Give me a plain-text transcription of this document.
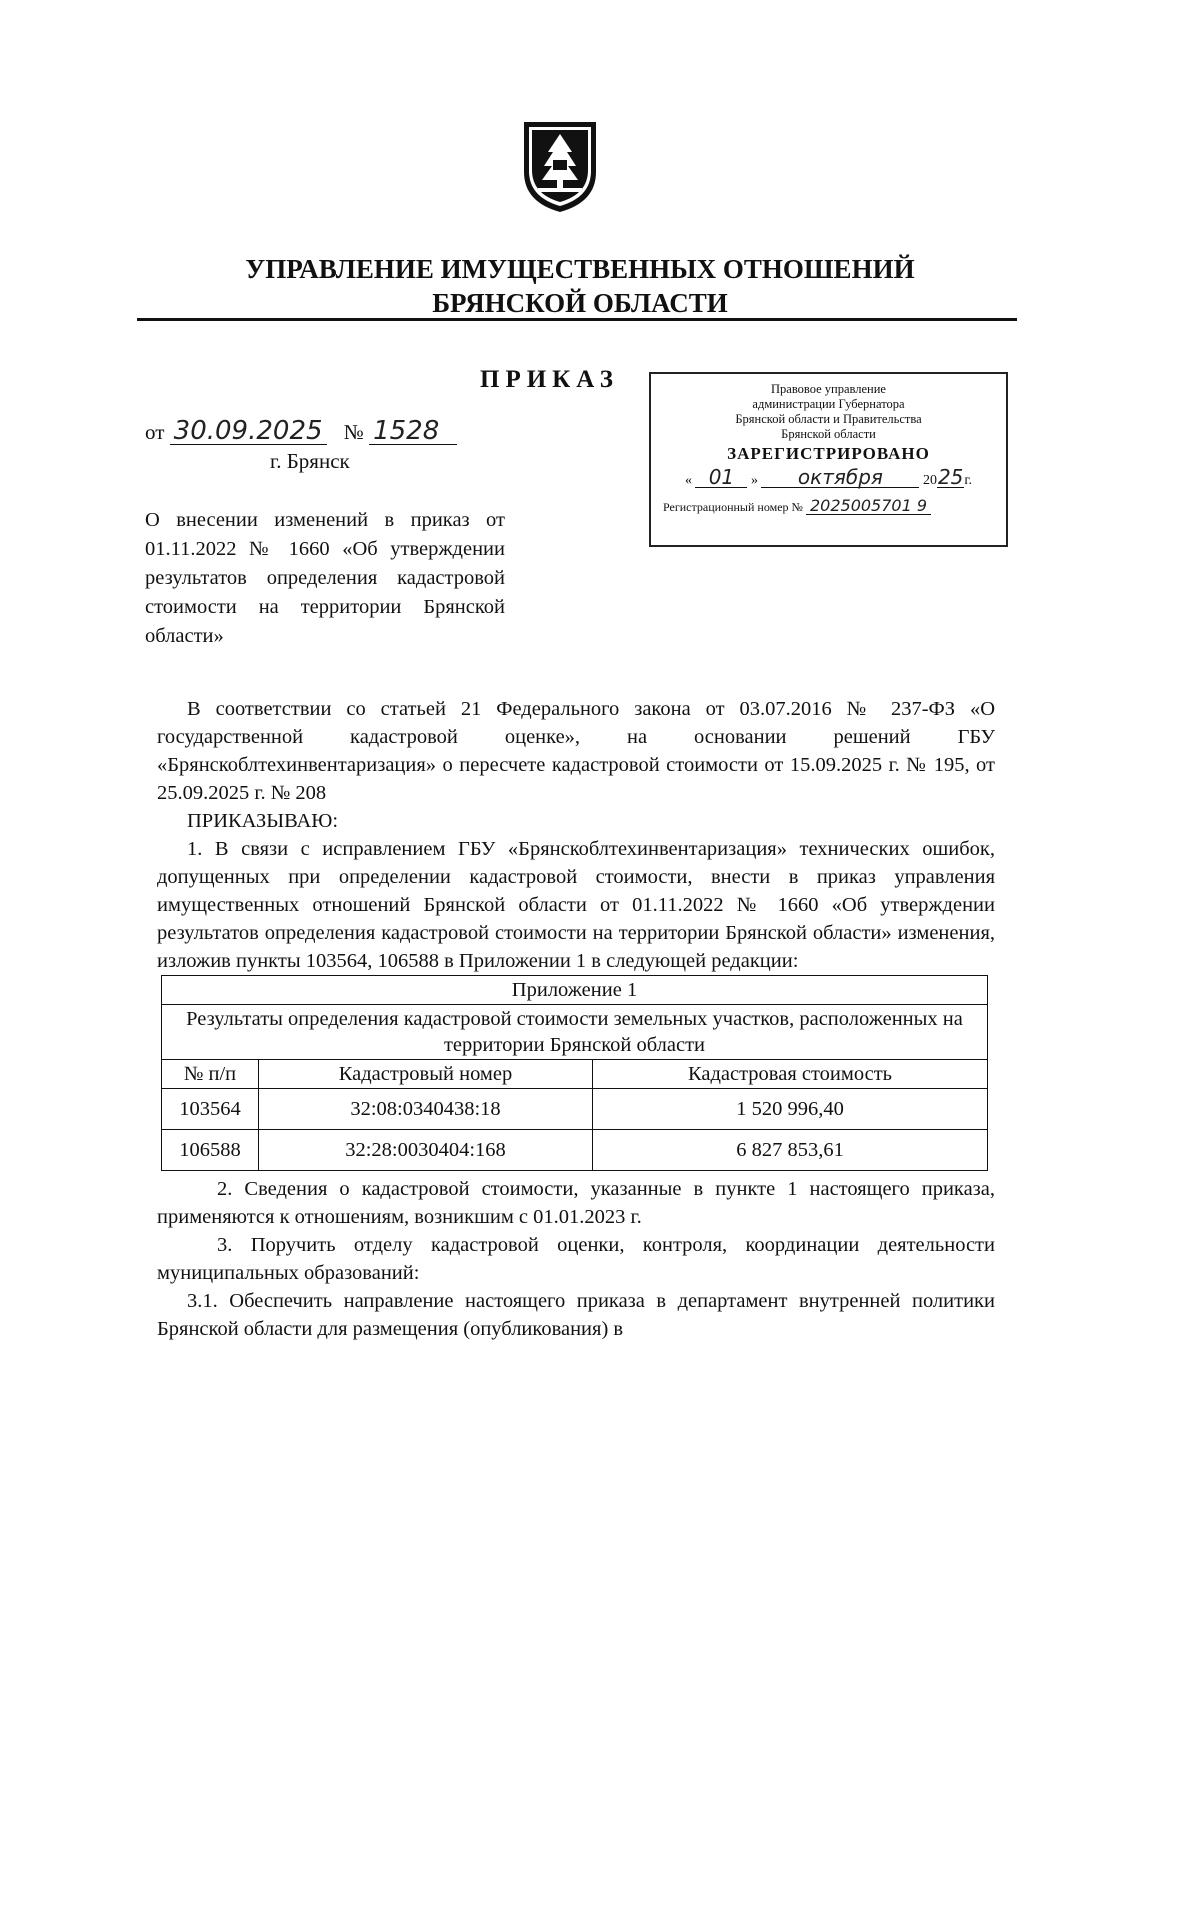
УПРАВЛЕНИЕ ИМУЩЕСТВЕННЫХ ОТНОШЕНИЙ
БРЯНСКОЙ ОБЛАСТИ
ПРИКАЗ
от 30.09.2025 № 1528
г. Брянск
О внесении изменений в приказ от 01.11.2022 № 1660 «Об утверждении результатов определения кадастровой стоимости на территории Брянской области»
Правовое управление
администрации Губернатора
Брянской области и Правительства
Брянской области
ЗАРЕГИСТРИРОВАНО
« 01 » октября	2025г.
Регистрационный номер № 2025005701 9

В соответствии со статьей 21 Федерального закона от 03.07.2016 № 237-ФЗ «О государственной кадастровой оценке», на основании решений ГБУ «Брянскоблтехинвентаризация» о пересчете кадастровой стоимости от 15.09.2025 г. № 195, от 25.09.2025 г. № 208

ПРИКАЗЫВАЮ:

1. В связи с исправлением ГБУ «Брянскоблтехинвентаризация» технических ошибок, допущенных при определении кадастровой стоимости, внести в приказ управления имущественных отношений Брянской области от 01.11.2022 № 1660 «Об утверждении результатов определения кадастровой стоимости на территории Брянской области» изменения, изложив пункты 103564, 106588 в Приложении 1 в следующей редакции:

Приложение 1		
Результаты определения кадастровой стоимости земельных участков, расположенных на территории Брянской области		
№ п/п	Кадастровый номер	Кадастровая стоимость
103564	32:08:0340438:18	1 520 996,40
106588	32:28:0030404:168	6 827 853,61

2. Сведения о кадастровой стоимости, указанные в пункте 1 настоящего приказа, применяются к отношениям, возникшим с 01.01.2023 г.

3. Поручить отделу кадастровой оценки, контроля, координации деятельности муниципальных образований:

3.1. Обеспечить направление настоящего приказа в департамент внутренней политики Брянской области для размещения (опубликования) в
